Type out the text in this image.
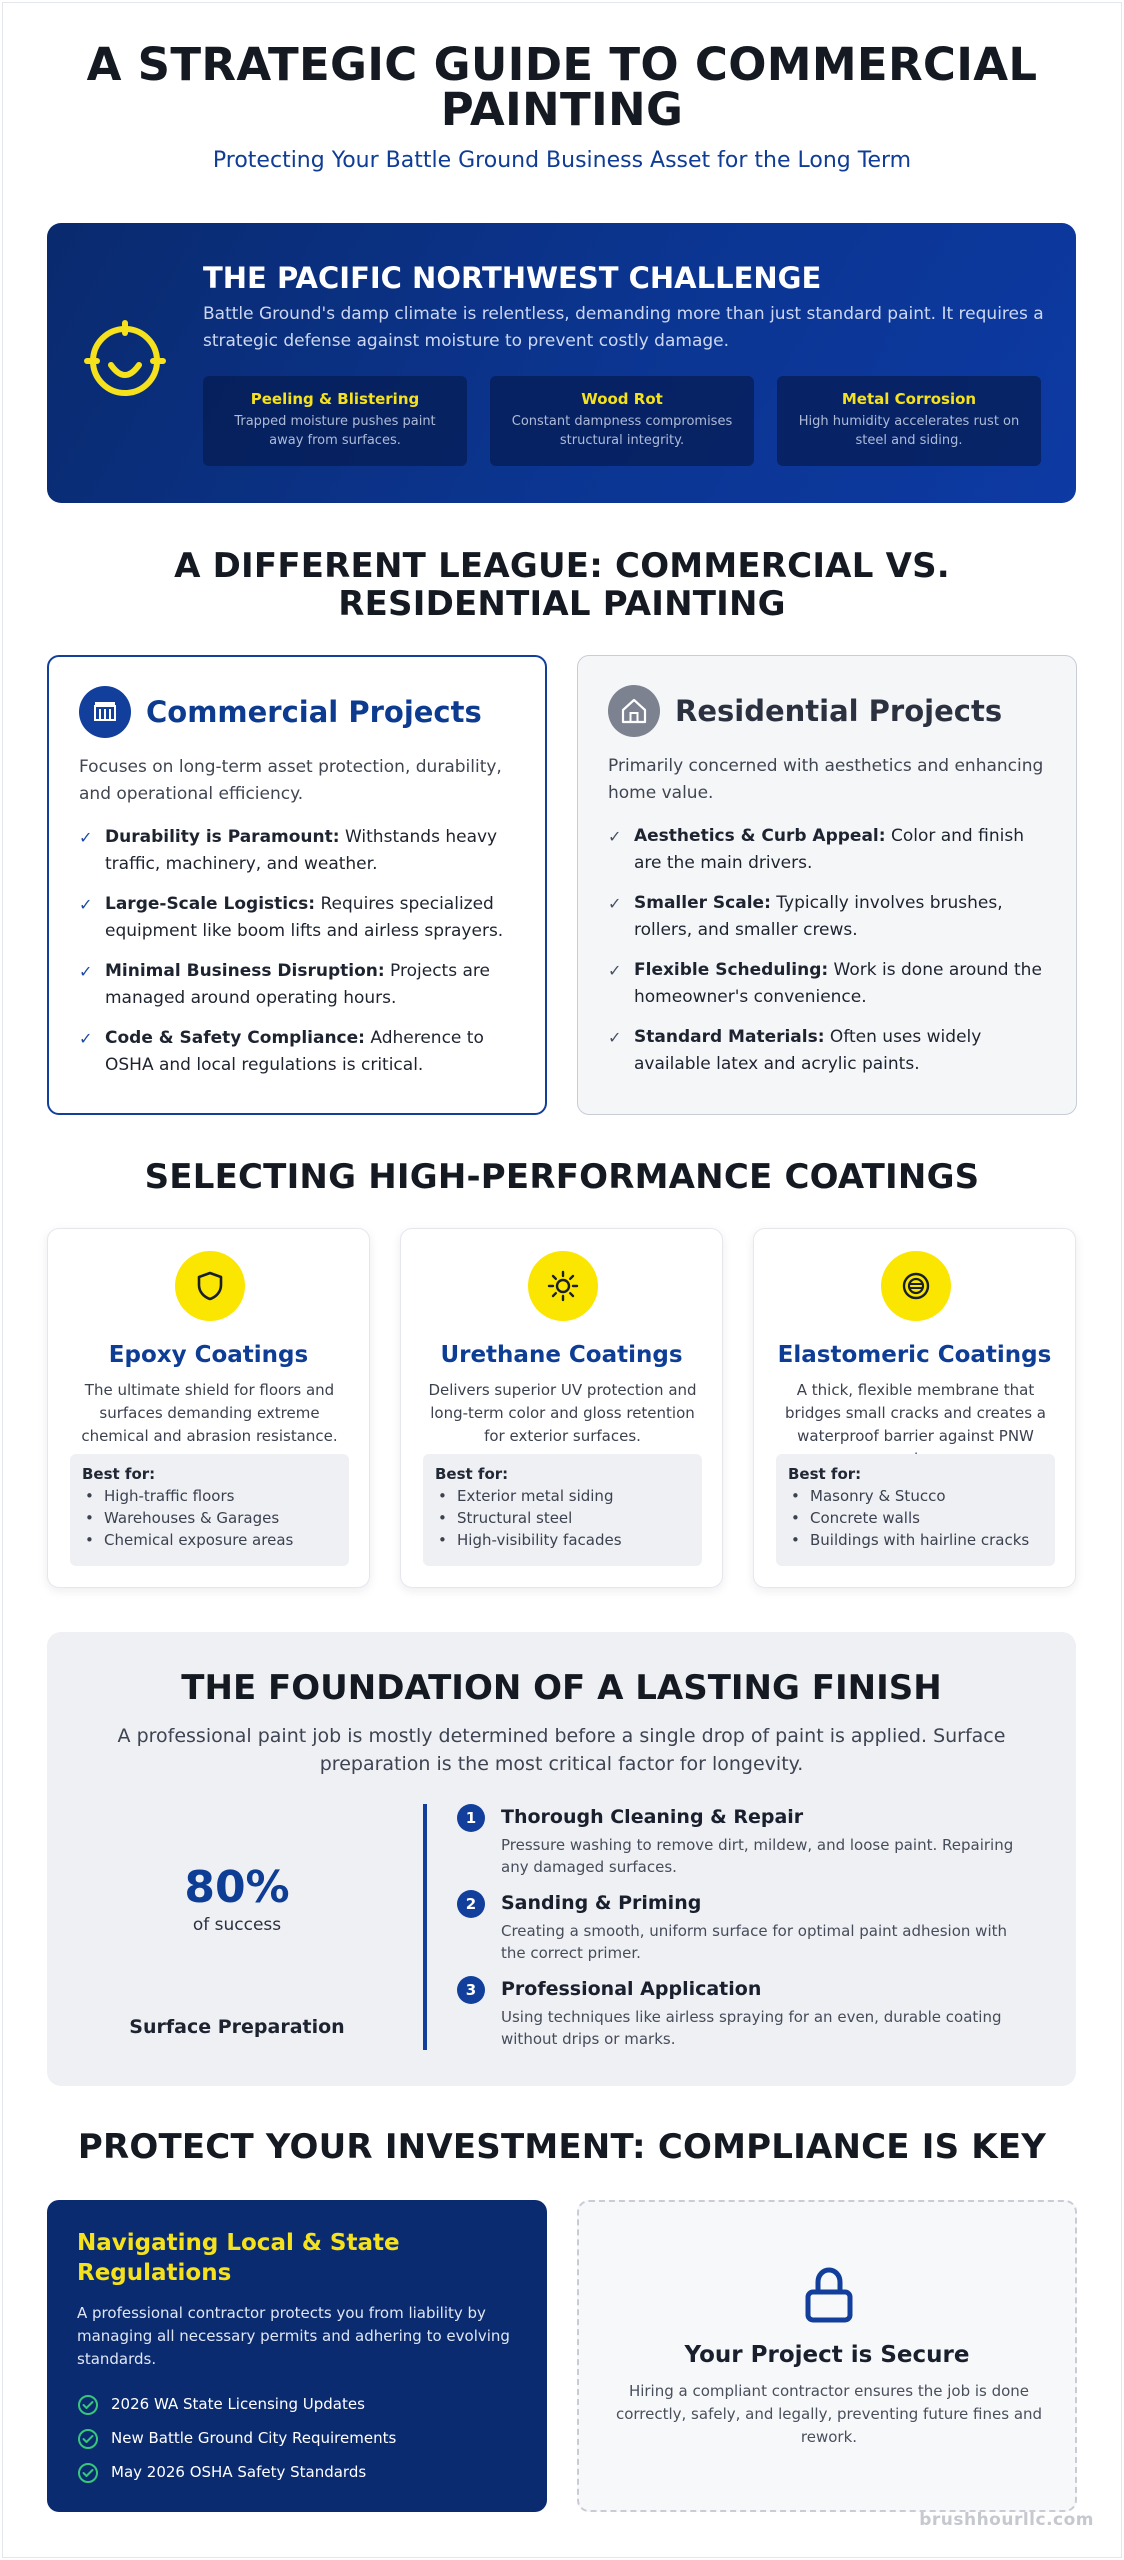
A STRATEGIC GUIDE TO COMMERCIAL PAINTING
Protecting Your Battle Ground Business Asset for the Long Term
THE PACIFIC NORTHWEST CHALLENGE

Battle Ground's damp climate is relentless, demanding more than just standard paint. It requires a strategic defense against moisture to prevent costly damage.

Peeling & Blistering
Trapped moisture pushes paint away from surfaces.
Wood Rot
Constant dampness compromises structural integrity.
Metal Corrosion
High humidity accelerates rust on steel and siding.
A DIFFERENT LEAGUE: COMMERCIAL VS. RESIDENTIAL PAINTING
Commercial Projects

Focuses on long-term asset protection, durability, and operational efficiency.

✓ Durability is Paramount: Withstands heavy traffic, machinery, and weather.
✓ Large-Scale Logistics: Requires specialized equipment like boom lifts and airless sprayers.
✓ Minimal Business Disruption: Projects are managed around operating hours.
✓ Code & Safety Compliance: Adherence to OSHA and local regulations is critical.
Residential Projects

Primarily concerned with aesthetics and enhancing home value.

✓ Aesthetics & Curb Appeal: Color and finish are the main drivers.
✓ Smaller Scale: Typically involves brushes, rollers, and smaller crews.
✓ Flexible Scheduling: Work is done around the homeowner's convenience.
✓ Standard Materials: Often uses widely available latex and acrylic paints.
SELECTING HIGH-PERFORMANCE COATINGS
Epoxy Coatings

The ultimate shield for floors and surfaces demanding extreme chemical and abrasion resistance.

Best for:
• High-traffic floors
• Warehouses & Garages
• Chemical exposure areas
Urethane Coatings

Delivers superior UV protection and long-term color and gloss retention for exterior surfaces.

Best for:
• Exterior metal siding
• Structural steel
• High-visibility facades
Elastomeric Coatings

A thick, flexible membrane that bridges small cracks and creates a waterproof barrier against PNW

Best for:
• Masonry & Stucco
• Concrete walls
• Buildings with hairline cracks
THE FOUNDATION OF A LASTING FINISH

A professional paint job is mostly determined before a single drop of paint is applied. Surface preparation is the most critical factor for longevity.

80%
of success
Surface Preparation
1	Thorough Cleaning & Repair
Pressure washing to remove dirt, mildew, and loose paint. Repairing any damaged surfaces.
2	Sanding & Priming
Creating a smooth, uniform surface for optimal paint adhesion with the correct primer.
3	Professional Application
Using techniques like airless spraying for an even, durable coating without drips or marks.
PROTECT YOUR INVESTMENT: COMPLIANCE IS KEY
Navigating Local & State Regulations

A professional contractor protects you from liability by managing all necessary permits and adhering to evolving standards.

2026 WA State Licensing Updates
New Battle Ground City Requirements
May 2026 OSHA Safety Standards
Your Project is Secure

Hiring a compliant contractor ensures the job is done correctly, safely, and legally, preventing future fines and rework.

brushhourllc.com
